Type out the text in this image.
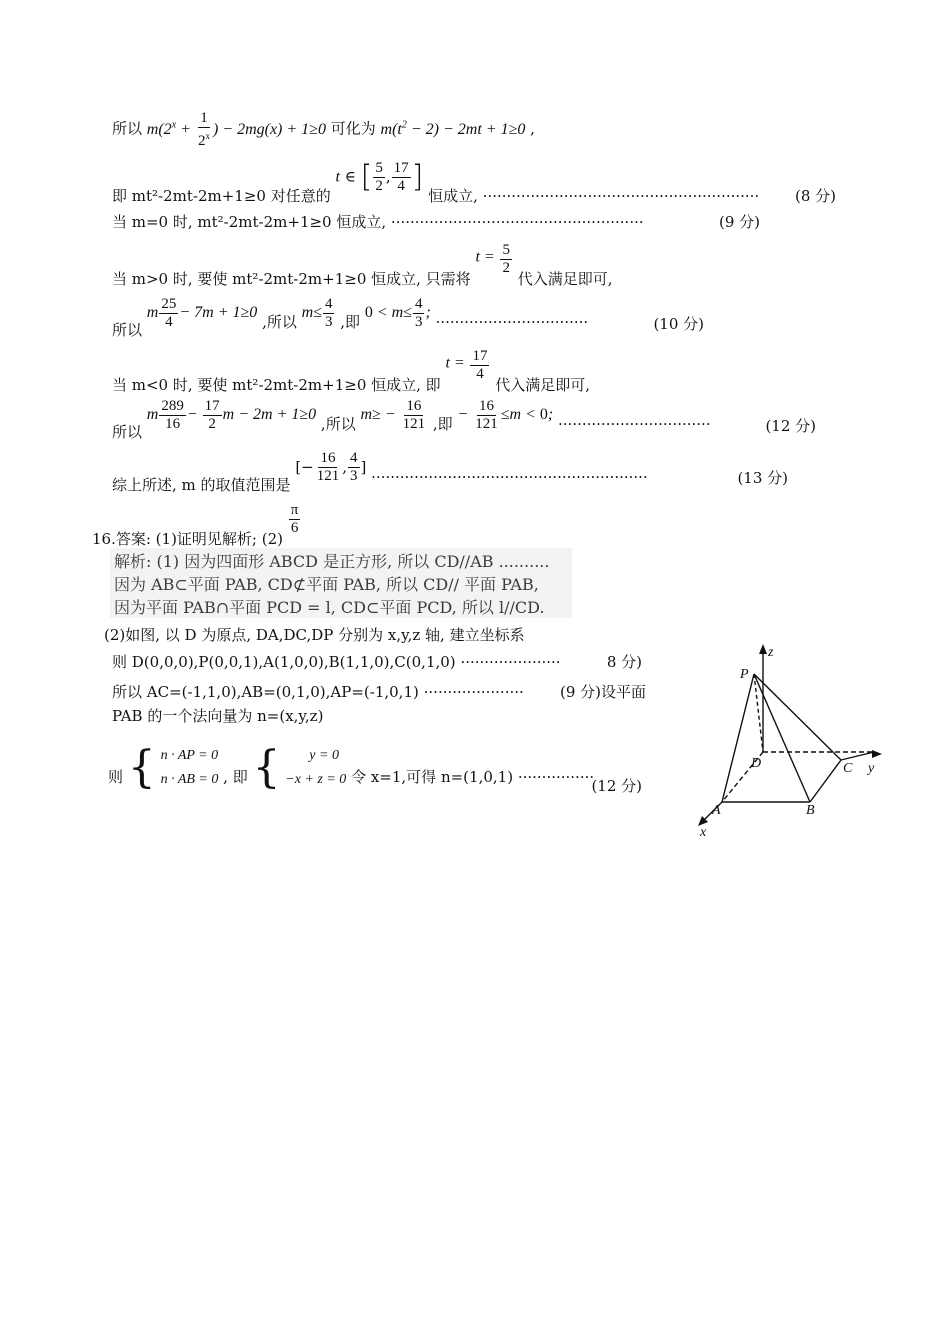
所以 $m(2^x + \frac{1}{2^x}$ ) − 2mg(x) + 1≥0 可化为 $m(t^2 - 2) - 2mt + 1\ge 0$ ,
即 mt²-2mt-2m+1≥0 对任意的 t ∈ [ $\frac{5}{2}$ , $\frac{17}{4}$ ] 恒成立, ·························································· (8 分)
当 m=0 时, mt²-2mt-2m+1≥0 恒成立, ·····················································	(9 分)
当 m>0 时, 要使 mt²-2mt-2m+1≥0 恒成立, 只需将 $t = \frac{5}{2}$
代入满足即可,
所以 m $\frac{25}{4} - 7m + 1\ge 0$ ,所以 $m\le \frac{4}{3}$ ,即 $0 < m\le \frac{4}{3}$ ; ································	(10 分)
当 m<0 时, 要使 mt²-2mt-2m+1≥0 恒成立, 即 $t = \frac{17}{4}$
代入满足即可,
所以 m $\frac{289}{16} - \frac{17}{2}$ m − 2m + 1≥0 ,所以 $m\ge - \frac{16}{121}$ ,即 − $\frac{16}{121} \le m < 0$; ································	(12 分)
综上所述, m 的取值范围是 [− $\frac{16}{121}$ , $\frac{4}{3}$ ] ··························································	(13 分)
16.答案: (1)证明见解析; (2)
$\frac{\pi}{6}$
解析: (1) 因为四面形 ABCD 是正方形, 所以 CD//AB ..........
因为 AB⊂平面 PAB, CD⊄平面 PAB, 所以 CD// 平面 PAB,
因为平面 PAB∩平面 PCD = l, CD⊂平面 PCD, 所以 l//CD.
(2)如图, 以 D 为原点, DA,DC,DP 分别为 x,y,z 轴, 建立坐标系
则 D(0,0,0),P(0,0,1),A(1,0,0),B(1,1,0),C(0,1,0) ·····················	8 分)
所以 AC=(-1,1,0),AB=(0,1,0),AP=(-1,0,1) ····················· (9 分)设平面
PAB 的一个法向量为 n=(x,y,z)
则 { n · AP = 0
n · AB = 0 , 即 {	y = 0
−x + z = 0 令 x=1,可得 n=(1,0,1) ················
(12 分)
z
P
D	C y
A	B
x
